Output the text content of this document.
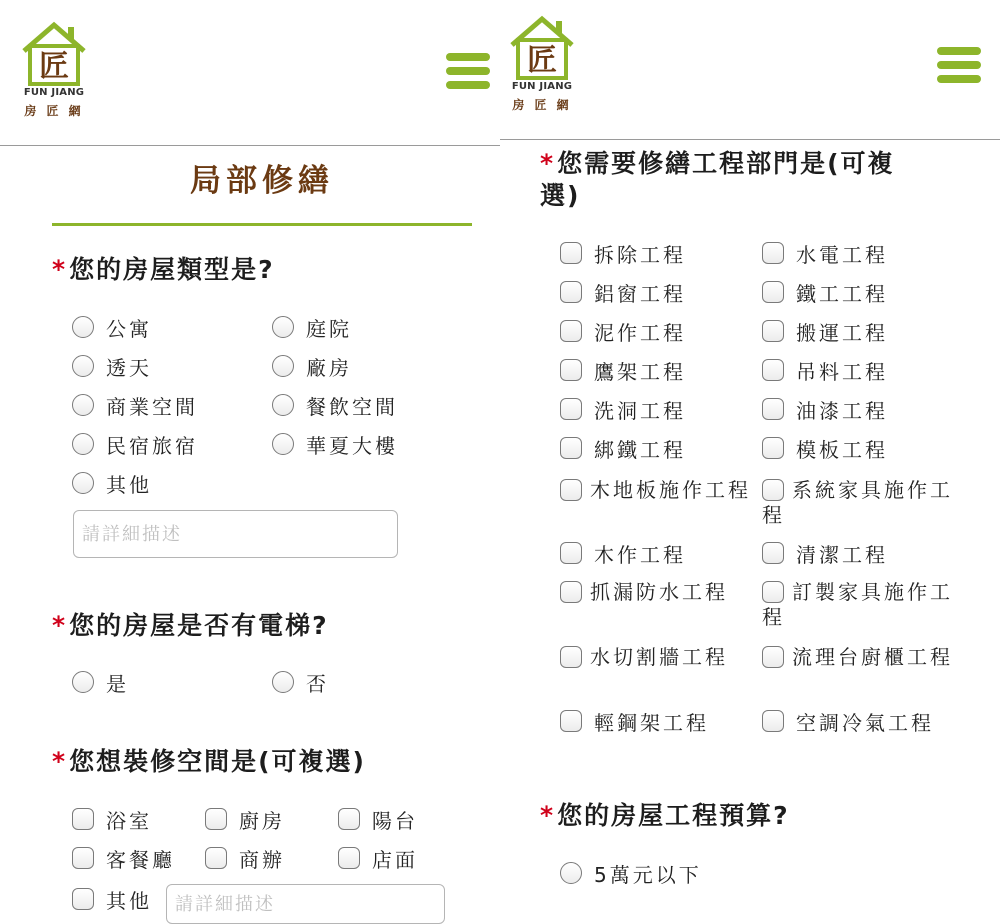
匠
FUN JIANG
房 匠 網
局部修繕
*您的房屋類型是?
公寓	庭院
透天	廠房
商業空間	餐飲空間
民宿旅宿	華夏大樓
其他
請詳細描述
*您的房屋是否有電梯?
是	否
*您想裝修空間是(可複選)
浴室	廚房	陽台
客餐廳	商辦	店面
其他
請詳細描述
匠
FUN JIANG
房 匠 網
*您需要修繕工程部門是(可複
選)
拆除工程	水電工程
鋁窗工程	鐵工工程
泥作工程	搬運工程
鷹架工程	吊料工程
洗洞工程	油漆工程
綁鐵工程	模板工程
木地板施作工程	系統家具施作工程
木作工程	清潔工程
抓漏防水工程	訂製家具施作工程
水切割牆工程	流理台廚櫃工程
輕鋼架工程	空調冷氣工程
*您的房屋工程預算?
5萬元以下
